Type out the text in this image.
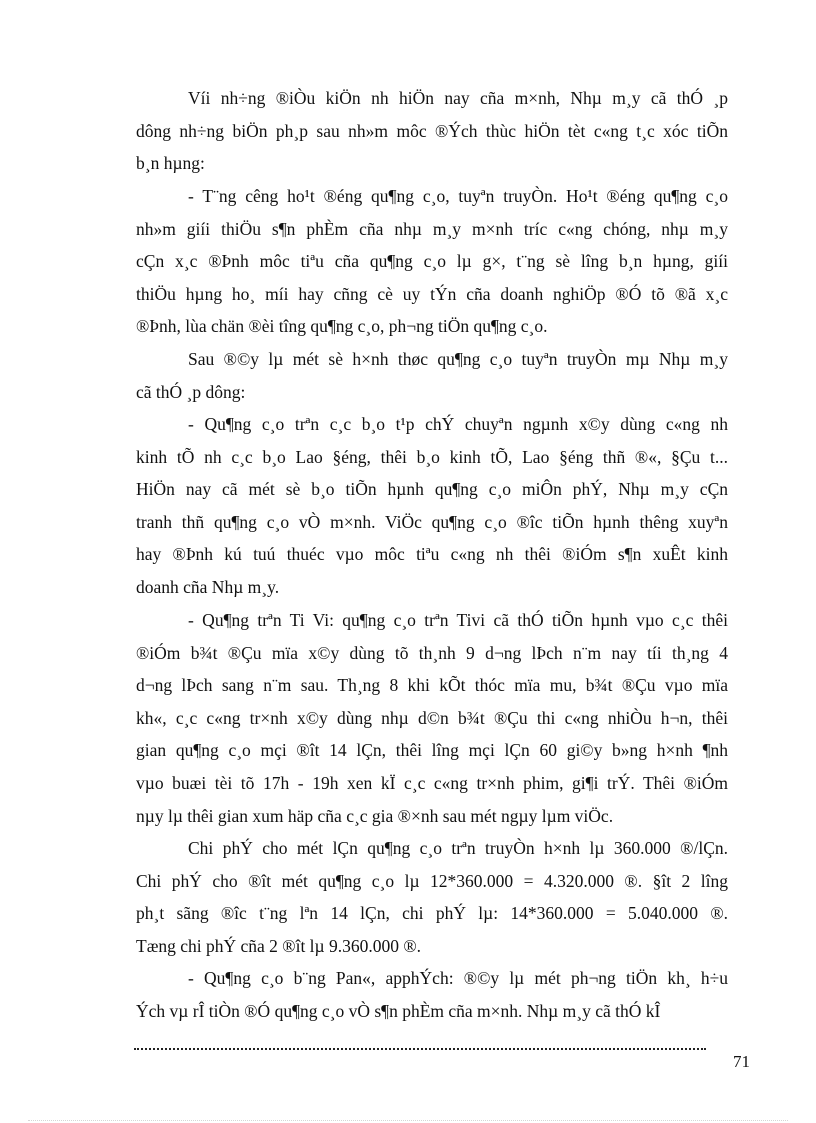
Víi nh÷ng ®iÒu kiÖn nh hiÖn nay cña m×nh, Nhµ m¸y cã thÓ ¸p
dông nh÷ng biÖn ph¸p sau nh»m môc ®Ých thùc hiÖn tèt c«ng t¸c xóc tiÕn
b¸n hµng:

- T¨ng cêng ho¹t ®éng qu¶ng c¸o, tuyªn truyÒn. Ho¹t ®éng qu¶ng c¸o
nh»m giíi thiÖu s¶n phÈm cña nhµ m¸y m×nh tríc c«ng chóng, nhµ m¸y
cÇn x¸c ®Þnh môc tiªu cña qu¶ng c¸o lµ g×, t¨ng sè lîng b¸n hµng, giíi
thiÖu hµng ho¸ míi hay cñng cè uy tÝn cña doanh nghiÖp ®Ó tõ ®ã x¸c
®Þnh, lùa chän ®èi tîng qu¶ng c¸o, ph¬ng tiÖn qu¶ng c¸o.

Sau ®©y lµ mét sè h×nh thøc qu¶ng c¸o tuyªn truyÒn mµ Nhµ m¸y
cã thÓ ¸p dông:

- Qu¶ng c¸o trªn c¸c b¸o t¹p chÝ chuyªn ngµnh x©y dùng c«ng nh
kinh tÕ nh c¸c b¸o Lao §éng, thêi b¸o kinh tÕ, Lao §éng thñ ®«, §Çu t...
HiÖn nay cã mét sè b¸o tiÕn hµnh qu¶ng c¸o miÔn phÝ, Nhµ m¸y cÇn
tranh thñ qu¶ng c¸o vÒ m×nh. ViÖc qu¶ng c¸o ®îc tiÕn hµnh thêng xuyªn
hay ®Þnh kú tuú thuéc vµo môc tiªu c«ng nh thêi ®iÓm s¶n xuÊt kinh
doanh cña Nhµ m¸y.

- Qu¶ng trªn Ti Vi: qu¶ng c¸o trªn Tivi cã thÓ tiÕn hµnh vµo c¸c thêi
®iÓm b¾t ®Çu mïa x©y dùng tõ th¸nh 9 d¬ng lÞch n¨m nay tíi th¸ng 4
d¬ng lÞch sang n¨m sau. Th¸ng 8 khi kÕt thóc mïa mu, b¾t ®Çu vµo mïa
kh«, c¸c c«ng tr×nh x©y dùng nhµ d©n b¾t ®Çu thi c«ng nhiÒu h¬n, thêi
gian qu¶ng c¸o mçi ®ît 14 lÇn, thêi lîng mçi lÇn 60 gi©y b»ng h×nh ¶nh
vµo buæi tèi tõ 17h - 19h xen kÏ c¸c c«ng tr×nh phim, gi¶i trÝ. Thêi ®iÓm
nµy lµ thêi gian xum häp cña c¸c gia ®×nh sau mét ngµy lµm viÖc.

Chi phÝ cho mét lÇn qu¶ng c¸o trªn truyÒn h×nh lµ 360.000 ®/lÇn.
Chi phÝ cho ®ît mét qu¶ng c¸o lµ 12*360.000 = 4.320.000 ®. §ît 2 lîng
ph¸t sãng ®îc t¨ng lªn 14 lÇn, chi phÝ lµ: 14*360.000 = 5.040.000 ®.
Tæng chi phÝ cña 2 ®ît lµ 9.360.000 ®.

- Qu¶ng c¸o b¨ng Pan«, apphÝch: ®©y lµ mét ph¬ng tiÖn kh¸ h÷u
Ých vµ rÎ tiÒn ®Ó qu¶ng c¸o vÒ s¶n phÈm cña m×nh. Nhµ m¸y cã thÓ kÎ

71
